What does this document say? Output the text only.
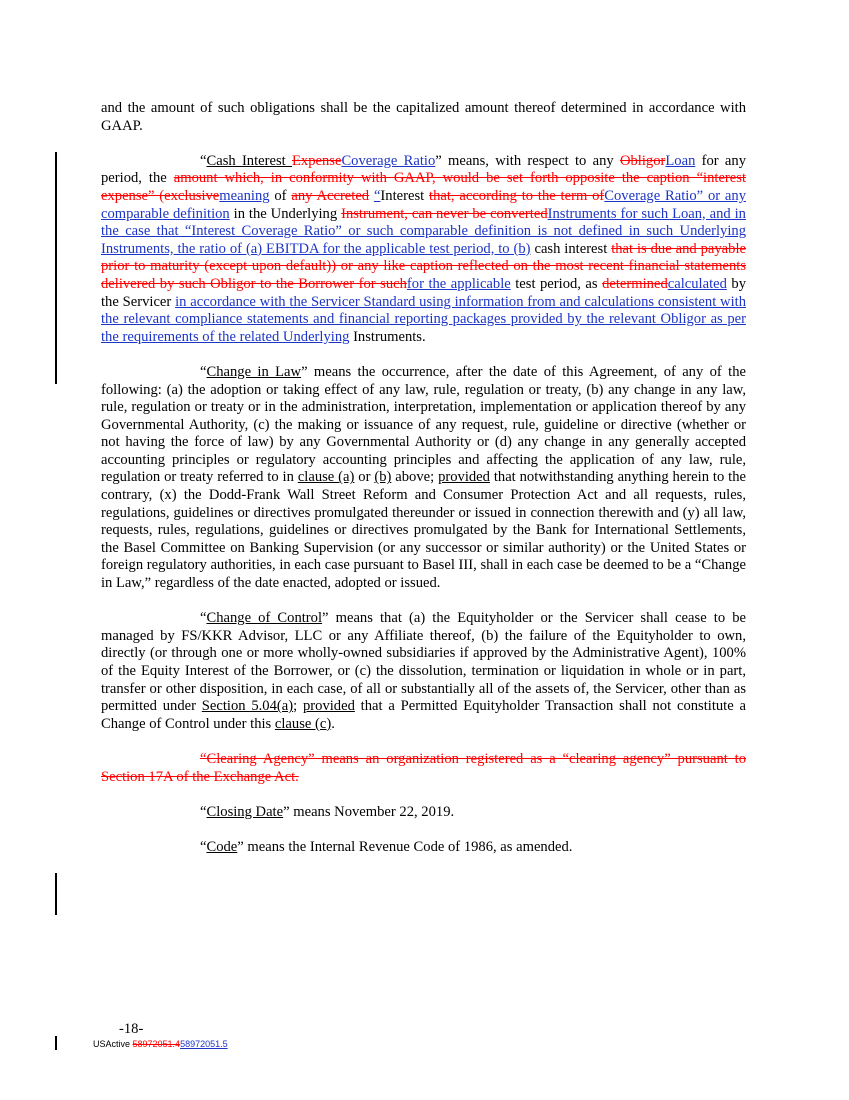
and the amount of such obligations shall be the capitalized amount thereof determined in accordance with GAAP.

“Cash Interest ExpenseCoverage Ratio” means, with respect to any ObligorLoan for any period, the amount which, in conformity with GAAP, would be set forth opposite the caption “interest expense” (exclusivemeaning of any Accreted “Interest that, according to the term ofCoverage Ratio” or any comparable definition in the Underlying Instrument, can never be convertedInstruments for such Loan, and in the case that “Interest Coverage Ratio” or such comparable definition is not defined in such Underlying Instruments, the ratio of (a) EBITDA for the applicable test period, to (b) cash interest that is due and payable prior to maturity (except upon default)) or any like caption reflected on the most recent financial statements delivered by such Obligor to the Borrower for suchfor the applicable test period, as determinedcalculated by the Servicer in accordance with the Servicer Standard using information from and calculations consistent with the relevant compliance statements and financial reporting packages provided by the relevant Obligor as per the requirements of the related Underlying Instruments.

“Change in Law” means the occurrence, after the date of this Agreement, of any of the following: (a) the adoption or taking effect of any law, rule, regulation or treaty, (b) any change in any law, rule, regulation or treaty or in the administration, interpretation, implementation or application thereof by any Governmental Authority, (c) the making or issuance of any request, rule, guideline or directive (whether or not having the force of law) by any Governmental Authority or (d) any change in any generally accepted accounting principles or regulatory accounting principles and affecting the application of any law, rule, regulation or treaty referred to in clause (a) or (b) above; provided that notwithstanding anything herein to the contrary, (x) the Dodd-Frank Wall Street Reform and Consumer Protection Act and all requests, rules, regulations, guidelines or directives promulgated thereunder or issued in connection therewith and (y) all law, requests, rules, regulations, guidelines or directives promulgated by the Bank for International Settlements, the Basel Committee on Banking Supervision (or any successor or similar authority) or the United States or foreign regulatory authorities, in each case pursuant to Basel III, shall in each case be deemed to be a “Change in Law,” regardless of the date enacted, adopted or issued.

“Change of Control” means that (a) the Equityholder or the Servicer shall cease to be managed by FS/KKR Advisor, LLC or any Affiliate thereof, (b) the failure of the Equityholder to own, directly (or through one or more wholly-owned subsidiaries if approved by the Administrative Agent), 100% of the Equity Interest of the Borrower, or (c) the dissolution, termination or liquidation in whole or in part, transfer or other disposition, in each case, of all or substantially all of the assets of, the Servicer, other than as permitted under Section 5.04(a); provided that a Permitted Equityholder Transaction shall not constitute a Change of Control under this clause (c).

“Clearing Agency” means an organization registered as a “clearing agency” pursuant to Section 17A of the Exchange Act.

“Closing Date” means November 22, 2019.

“Code” means the Internal Revenue Code of 1986, as amended.

-18-
USActive 58972051.458972051.5
